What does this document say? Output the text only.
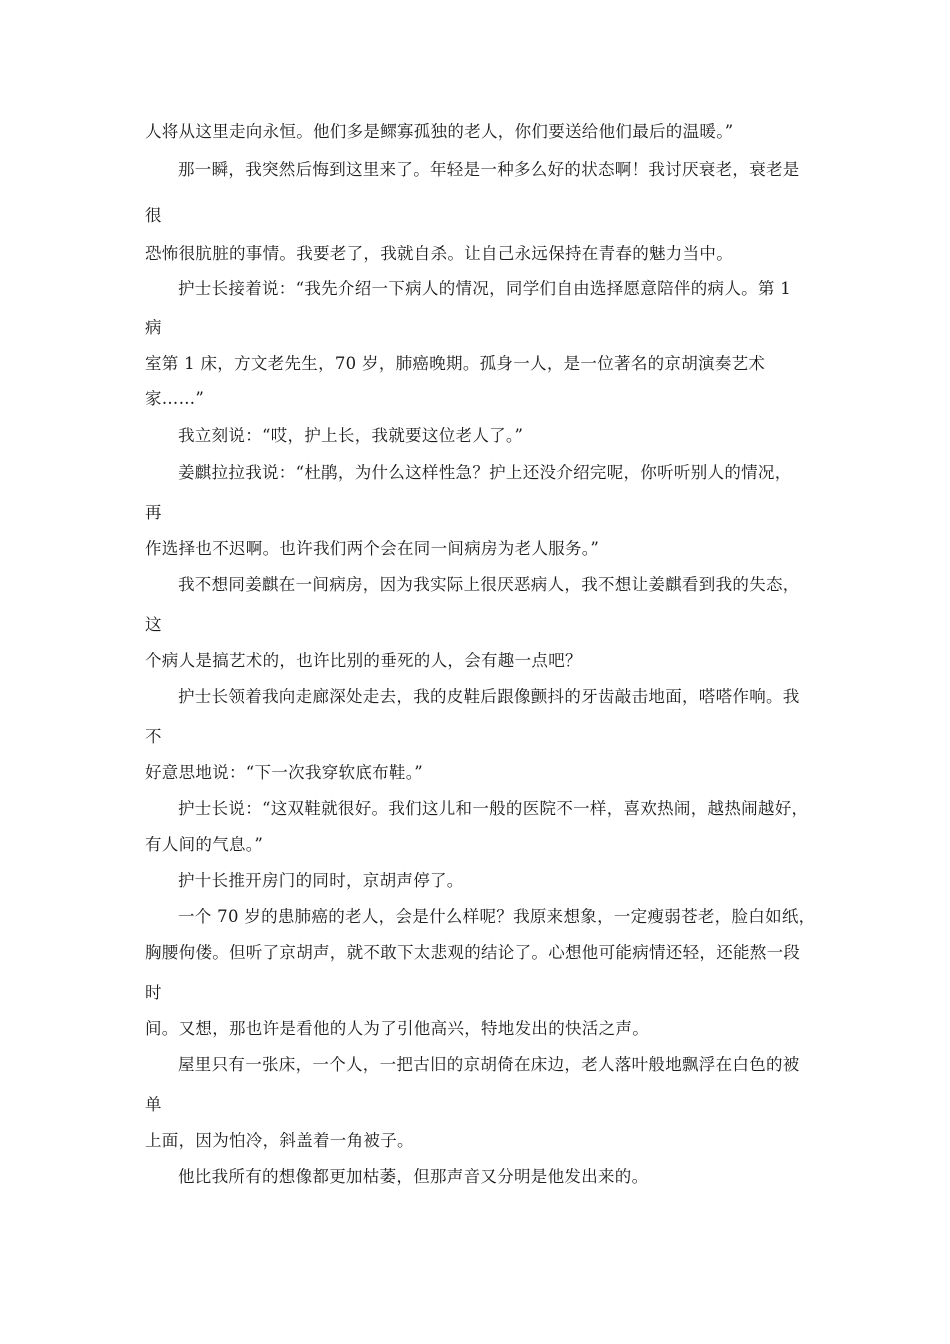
人将从这里走向永恒。他们多是鳏寡孤独的老人，你们要送给他们最后的温暖。”
那一瞬，我突然后悔到这里来了。年轻是一种多么好的状态啊！我讨厌衰老，衰老是
很
恐怖很肮脏的事情。我要老了，我就自杀。让自己永远保持在青春的魅力当中。
护士长接着说：“我先介绍一下病人的情况，同学们自由选择愿意陪伴的病人。第 1
病
室第 1 床，方文老先生，70 岁，肺癌晚期。孤身一人，是一位著名的京胡演奏艺术
家……”
我立刻说：“哎，护上长，我就要这位老人了。”
姜麒拉拉我说：“杜鹃，为什么这样性急？护上还没介绍完呢，你听听别人的情况，
再
作选择也不迟啊。也许我们两个会在同一间病房为老人服务。”
我不想同姜麒在一间病房，因为我实际上很厌恶病人，我不想让姜麒看到我的失态，
这
个病人是搞艺术的，也许比别的垂死的人，会有趣一点吧？
护士长领着我向走廊深处走去，我的皮鞋后跟像颤抖的牙齿敲击地面，嗒嗒作响。我
不
好意思地说：“下一次我穿软底布鞋。”
护士长说：“这双鞋就很好。我们这儿和一般的医院不一样，喜欢热闹，越热闹越好，
有人间的气息。”
护十长推开房门的同时，京胡声停了。
一个 70 岁的患肺癌的老人，会是什么样呢？我原来想象，一定瘦弱苍老，脸白如纸，
胸腰佝偻。但听了京胡声，就不敢下太悲观的结论了。心想他可能病情还轻，还能熬一段
时
间。又想，那也许是看他的人为了引他高兴，特地发出的快活之声。
屋里只有一张床，一个人，一把古旧的京胡倚在床边，老人落叶般地飘浮在白色的被
单
上面，因为怕冷，斜盖着一角被子。
他比我所有的想像都更加枯萎，但那声音又分明是他发出来的。
